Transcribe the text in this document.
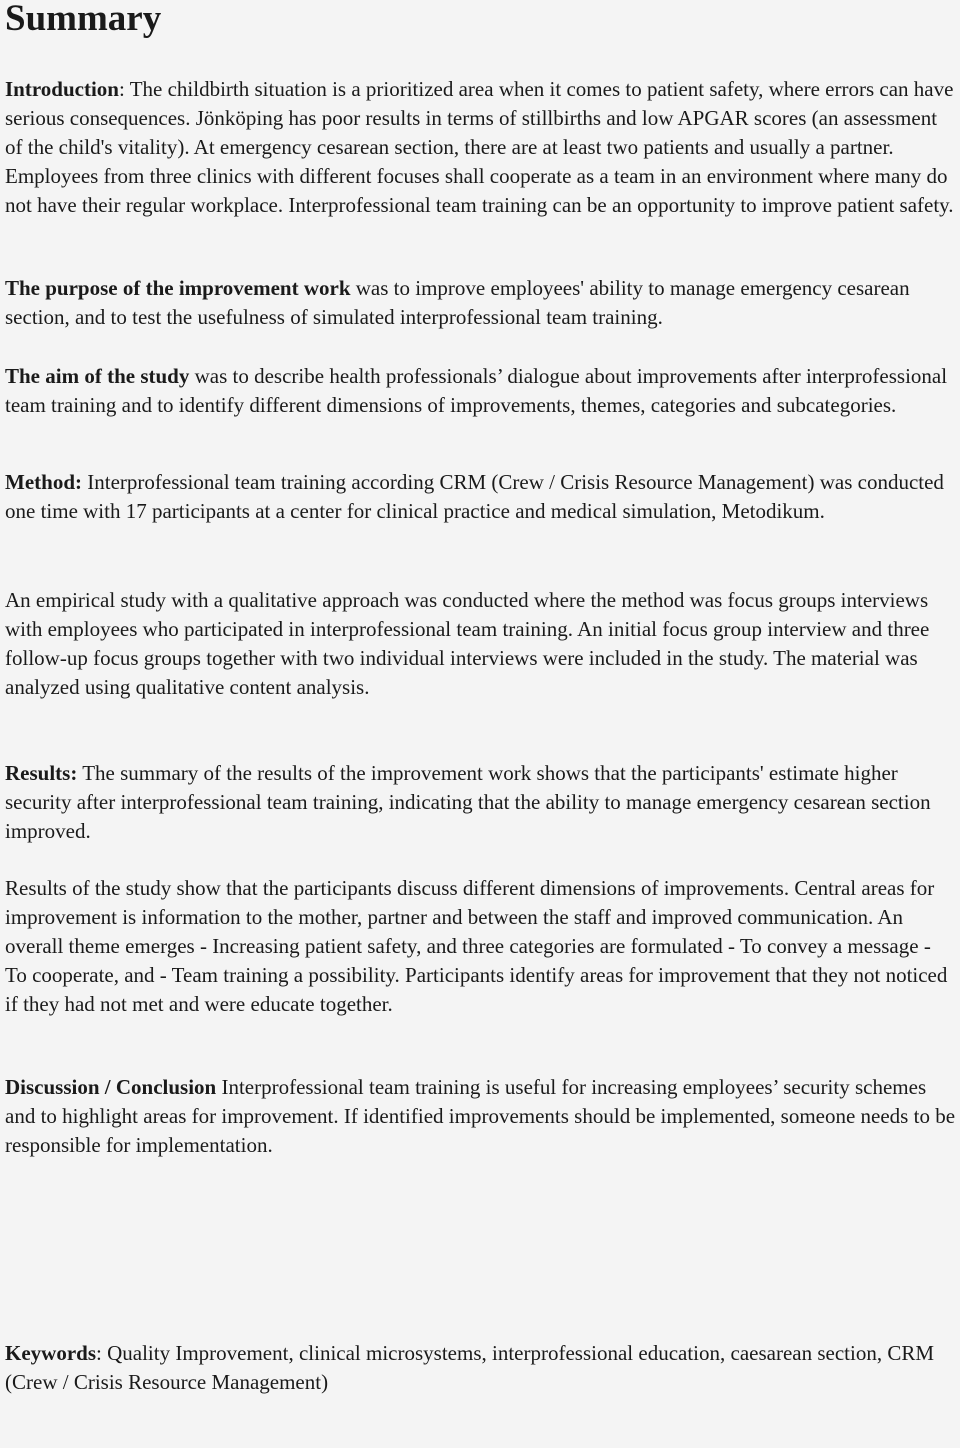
Summary

Introduction: The childbirth situation is a prioritized area when it comes to patient safety, where errors can have serious consequences. Jönköping has poor results in terms of stillbirths and low APGAR scores (an assessment of the child's vitality). At emergency cesarean section, there are at least two patients and usually a partner. Employees from three clinics with different focuses shall cooperate as a team in an environment where many do not have their regular workplace. Interprofessional team training can be an opportunity to improve patient safety.

The purpose of the improvement work was to improve employees' ability to manage emergency cesarean section, and to test the usefulness of simulated interprofessional team training.

The aim of the study was to describe health professionals’ dialogue about improvements after interprofessional team training and to identify different dimensions of improvements, themes, categories and subcategories.

Method: Interprofessional team training according CRM (Crew / Crisis Resource Management) was conducted one time with 17 participants at a center for clinical practice and medical simulation, Metodikum.

An empirical study with a qualitative approach was conducted where the method was focus groups interviews with employees who participated in interprofessional team training. An initial focus group interview and three follow-up focus groups together with two individual interviews were included in the study. The material was analyzed using qualitative content analysis.

Results: The summary of the results of the improvement work shows that the participants' estimate higher security after interprofessional team training, indicating that the ability to manage emergency cesarean section improved.

Results of the study show that the participants discuss different dimensions of improvements. Central areas for improvement is information to the mother, partner and between the staff and improved communication. An overall theme emerges - Increasing patient safety, and three categories are formulated - To convey a message - To cooperate, and - Team training a possibility. Participants identify areas for improvement that they not noticed if they had not met and were educate together.

Discussion / Conclusion Interprofessional team training is useful for increasing employees’ security schemes and to highlight areas for improvement. If identified improvements should be implemented, someone needs to be responsible for implementation.

Keywords: Quality Improvement, clinical microsystems, interprofessional education, caesarean section, CRM (Crew / Crisis Resource Management)
